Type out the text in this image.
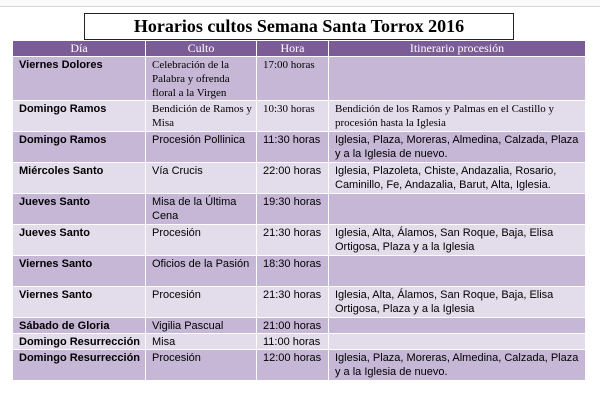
Horarios cultos Semana Santa Torrox 2016
Día	Culto	Hora	Itinerario procesión
Viernes Dolores	Celebración de la Palabra y ofrenda floral a la Virgen	17:00 horas	
Domingo Ramos	Bendición de Ramos y Misa	10:30 horas	Bendición de los Ramos y Palmas en el Castillo y procesión hasta la Iglesia
Domingo Ramos	Procesión Pollinica	11:30 horas	Iglesia, Plaza, Moreras, Almedina, Calzada, Plaza y a la Iglesia de nuevo.
Miércoles Santo	Vía Crucis	22:00 horas	Iglesia, Plazoleta, Chiste, Andazalia, Rosario, Caminillo, Fe, Andazalia, Barut, Alta, Iglesia.
Jueves Santo	Misa de la Última Cena	19:30 horas	
Jueves Santo	Procesión	21:30 horas	Iglesia, Alta, Álamos, San Roque, Baja, Elisa Ortigosa, Plaza y a la Iglesia
Viernes Santo	Oficios de la Pasión	18:30 horas	
Viernes Santo	Procesión	21:30 horas	Iglesia, Alta, Álamos, San Roque, Baja, Elisa Ortigosa, Plaza y a la Iglesia
Sábado de Gloria	Vigilia Pascual	21:00 horas	
Domingo Resurrección	Misa	11:00 horas	
Domingo Resurrección	Procesión	12:00 horas	Iglesia, Plaza, Moreras, Almedina, Calzada, Plaza y a la Iglesia de nuevo.
